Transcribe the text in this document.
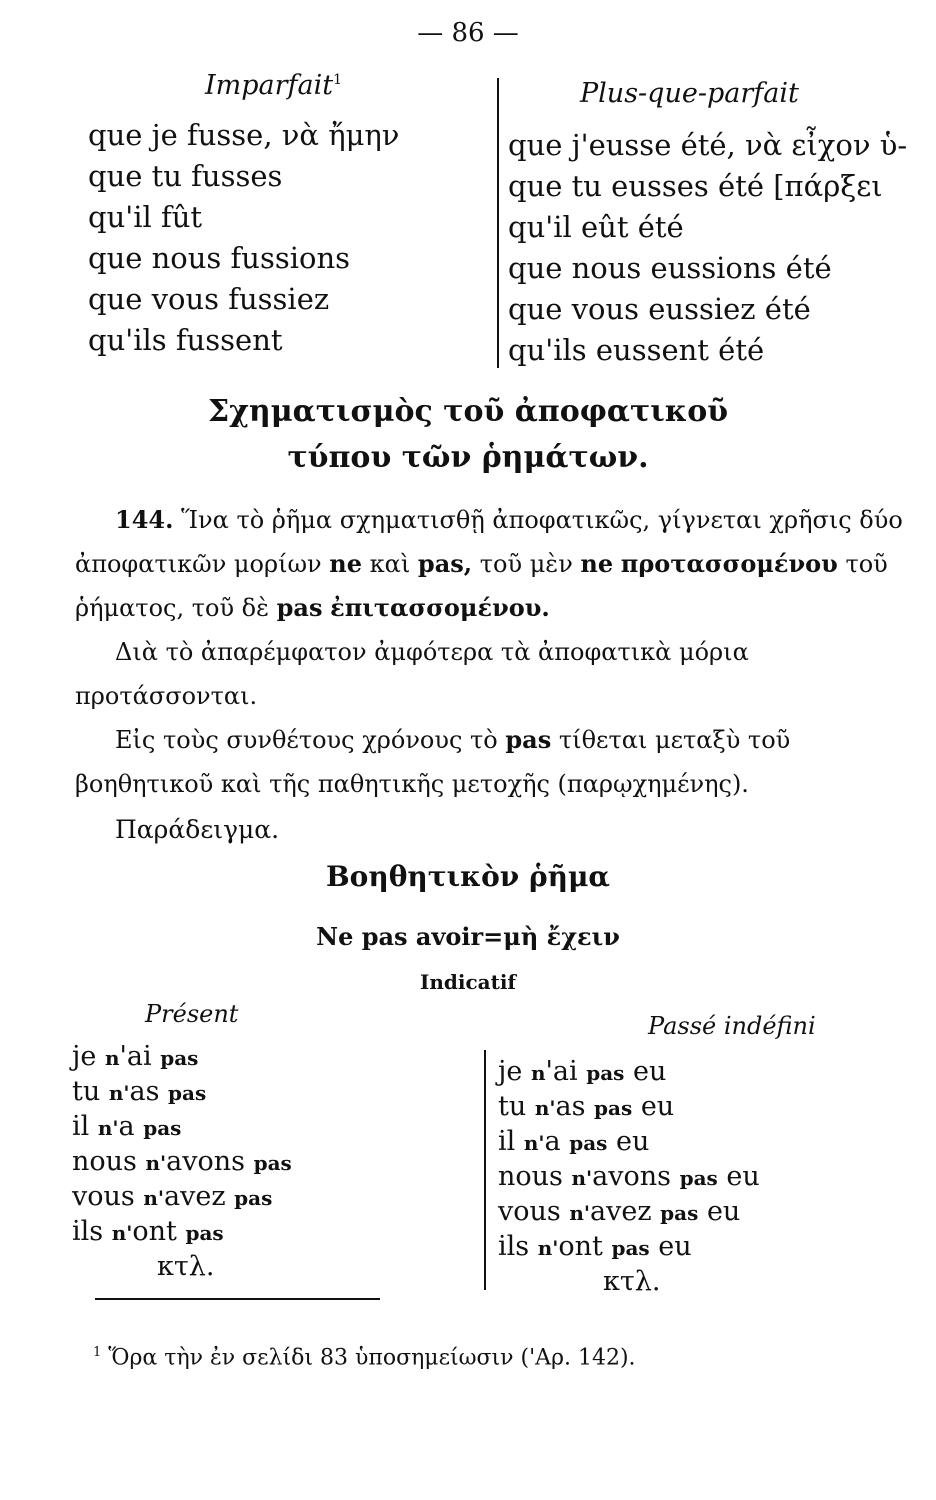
— 86 —
Imparfait$^1$
que je fusse, νὰ ἤμην
que tu fusses
qu'il fût
que nous fussions
que vous fussiez
qu'ils fussent
Plus-que-parfait
que j'eusse été, νὰ εἶχον ὑ-
que tu eusses été [πάρξει
qu'il eût été
que nous eussions été
que vous eussiez été
qu'ils eussent été
Σχηματισμὸς τοῦ ἀποφατικοῦ
τύπου τῶν ῥημάτων.
144. Ἵνα τὸ ῥῆμα σχηματισθῇ ἀποφατικῶς, γίγνεται χρῆσις δύο ἀποφατικῶν μορίων ne καὶ pas, τοῦ μὲν ne προτασσομένου τοῦ ῥήματος, τοῦ δὲ pas ἐπιτασσομένου.
Διὰ τὸ ἀπαρέμφατον ἀμφότερα τὰ ἀποφατικὰ μόρια προτάσσονται.
Εἰς τοὺς συνθέτους χρόνους τὸ pas τίθεται μεταξὺ τοῦ βοηθητικοῦ καὶ τῆς παθητικῆς μετοχῆς (παρῳχημένης).
Παράδειγμα.
Βοηθητικὸν ῥῆμα
Ne pas avoir=μὴ ἔχειν
Indicatif
Présent
je n'ai pas
tu n'as pas
il n'a pas
nous n'avons pas
vous n'avez pas
ils n'ont pas
κτλ.
Passé indéfini
je n'ai pas eu
tu n'as pas eu
il n'a pas eu
nous n'avons pas eu
vous n'avez pas eu
ils n'ont pas eu
κτλ.
$^1$ Ὅρα τὴν ἐν σελίδι 83 ὑποσημείωσιν ('Αρ. 142).
